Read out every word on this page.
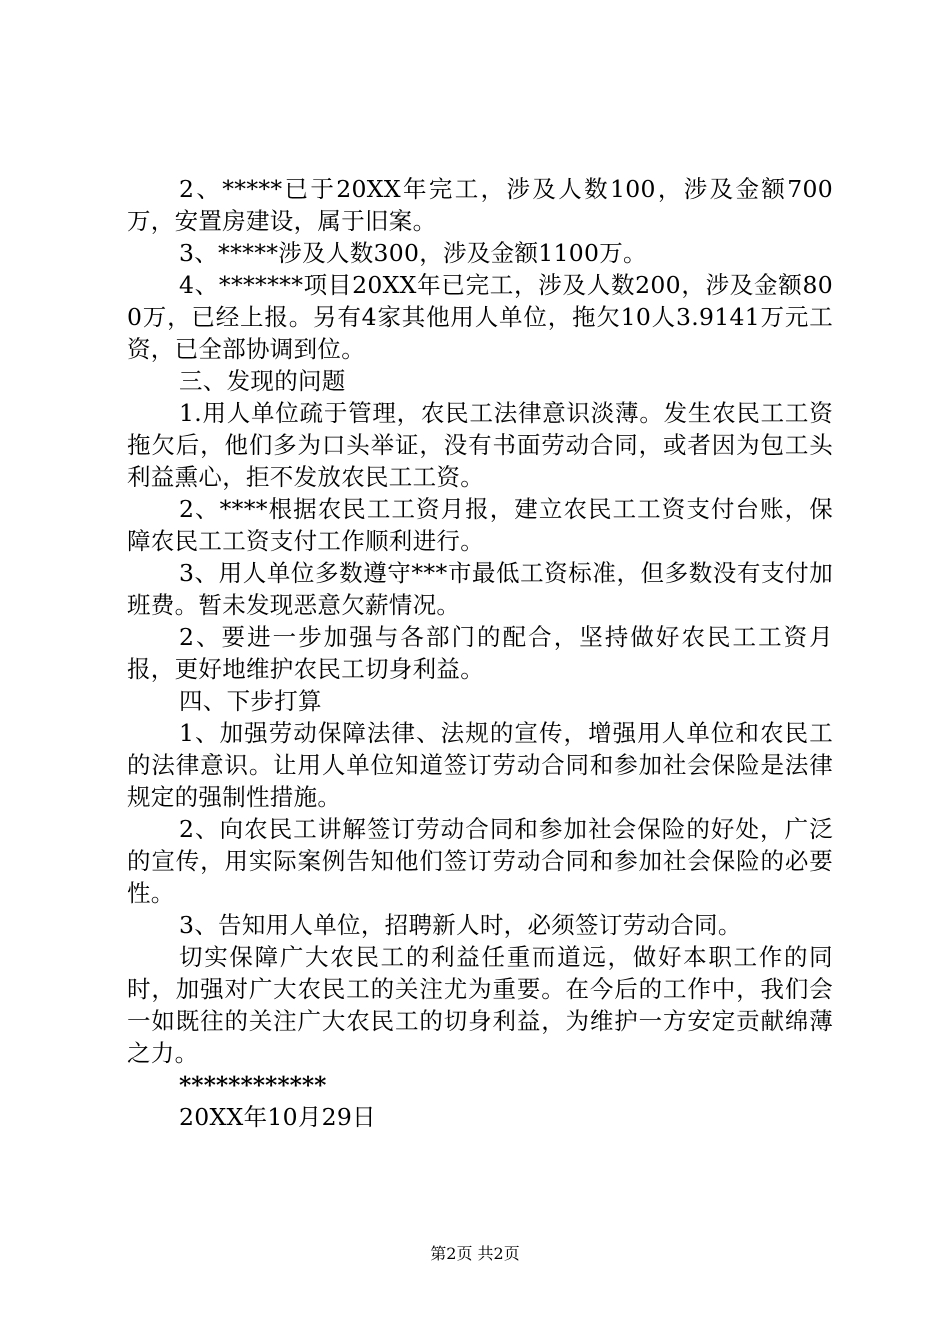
2、*****已于20XX年完工，涉及人数100，涉及金额700万，安置房建设，属于旧案。

3、*****涉及人数300，涉及金额1100万。

4、*******项目20XX年已完工，涉及人数200，涉及金额800万，已经上报。另有4家其他用人单位，拖欠10人3.9141万元工资，已全部协调到位。

三、发现的问题

1.用人单位疏于管理，农民工法律意识淡薄。发生农民工工资拖欠后，他们多为口头举证，没有书面劳动合同，或者因为包工头利益熏心，拒不发放农民工工资。

2、****根据农民工工资月报，建立农民工工资支付台账，保障农民工工资支付工作顺利进行。

3、用人单位多数遵守***市最低工资标准，但多数没有支付加班费。暂未发现恶意欠薪情况。

2、要进一步加强与各部门的配合，坚持做好农民工工资月报，更好地维护农民工切身利益。

四、下步打算

1、加强劳动保障法律、法规的宣传，增强用人单位和农民工的法律意识。让用人单位知道签订劳动合同和参加社会保险是法律规定的强制性措施。

2、向农民工讲解签订劳动合同和参加社会保险的好处，广泛的宣传，用实际案例告知他们签订劳动合同和参加社会保险的必要性。

3、告知用人单位，招聘新人时，必须签订劳动合同。

切实保障广大农民工的利益任重而道远，做好本职工作的同时，加强对广大农民工的关注尤为重要。在今后的工作中，我们会一如既往的关注广大农民工的切身利益，为维护一方安定贡献绵薄之力。

************

20XX年10月29日

第2页 共2页
